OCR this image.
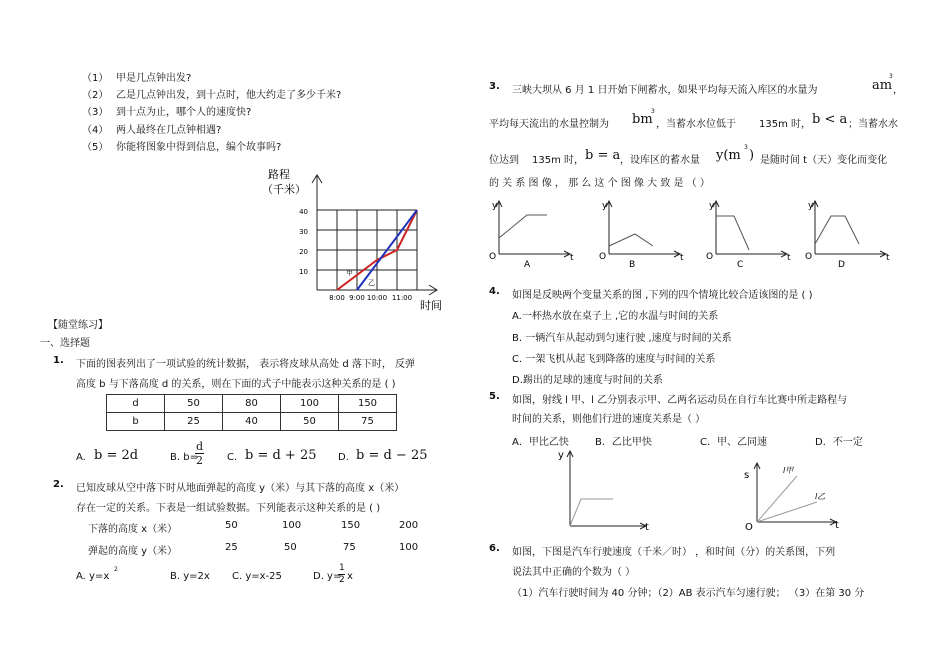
（1） 甲是几点钟出发?
（2） 乙是几点钟出发，到十点时，他大约走了多少千米?
（3） 到十点为止，哪个人的速度快?
（4） 两人最终在几点钟相遇?
（5） 你能将图象中得到信息，编个故事吗?
路程
（千米）
40
30
20
10
8:00 9:00 10:00 11:00
时间
甲
乙
【随堂练习】
一、选择题
1. 下面的图表列出了一项试验的统计数据， 表示将皮球从高处 d 落下时， 反弹
高度 b 与下落高度 d 的关系，则在下面的式子中能表示这种关系的是 ( )
d	50	80	100	150
b	25	40	50	75
A. b = 2d	B. b=
d
2 C. b = d + 25 D. b = d − 25
2. 已知皮球从空中落下时从地面弹起的高度 y（米）与其下落的高度 x（米）
存在一定的关系。下表是一组试验数据。下列能表示这种关系的是 ( )
下落的高度 x（米）	50	100	150	200
弹起的高度 y（米）	25	50	75	100
A. y=x
2
B. y=2x C. y=x-25	D. y=
1
2 x
3. 三峡大坝从 6 月 1 日开始下闸蓄水，如果平均每天流入库区的水量为	am
3
，
平均每天流出的水量控制为 bm
3
，当蓄水水位低于 135m 时， b < a ；当蓄水水
位达到 135m 时， b = a ，设库区的蓄水量 y(m
3
) 是随时间 t（天）变化而变化
的 关 系 图 像 ， 那 么 这 个 图 像 大 致 是 （ ）
y
t
O
A
y
t
O
B
y
t
O
C
y
t
O
D
4. 如图是反映两个变量关系的图 ,下列的四个情境比较合适该图的是 ( )
A.一杯热水放在桌子上 ,它的水温与时间的关系
B. 一辆汽车从起动到匀速行驶 ,速度与时间的关系
C. 一架飞机从起飞到降落的速度与时间的关系
D.踢出的足球的速度与时间的关系
5. 如图，射线 l 甲、l 乙分别表示甲、乙两名运动员在自行车比赛中所走路程与
时间的关系，则他们行进的速度关系是（ ）
A．甲比乙快	B．乙比甲快	C．甲、乙同速	D．不一定
y
t
s
t
O
l甲
l乙
6. 如图，下图是汽车行驶速度（千米／时） ，和时间（分）的关系图，下列
说法其中正确的个数为（ ）
（1）汽车行驶时间为 40 分钟；（2）AB 表示汽车匀速行驶； （3）在第 30 分
